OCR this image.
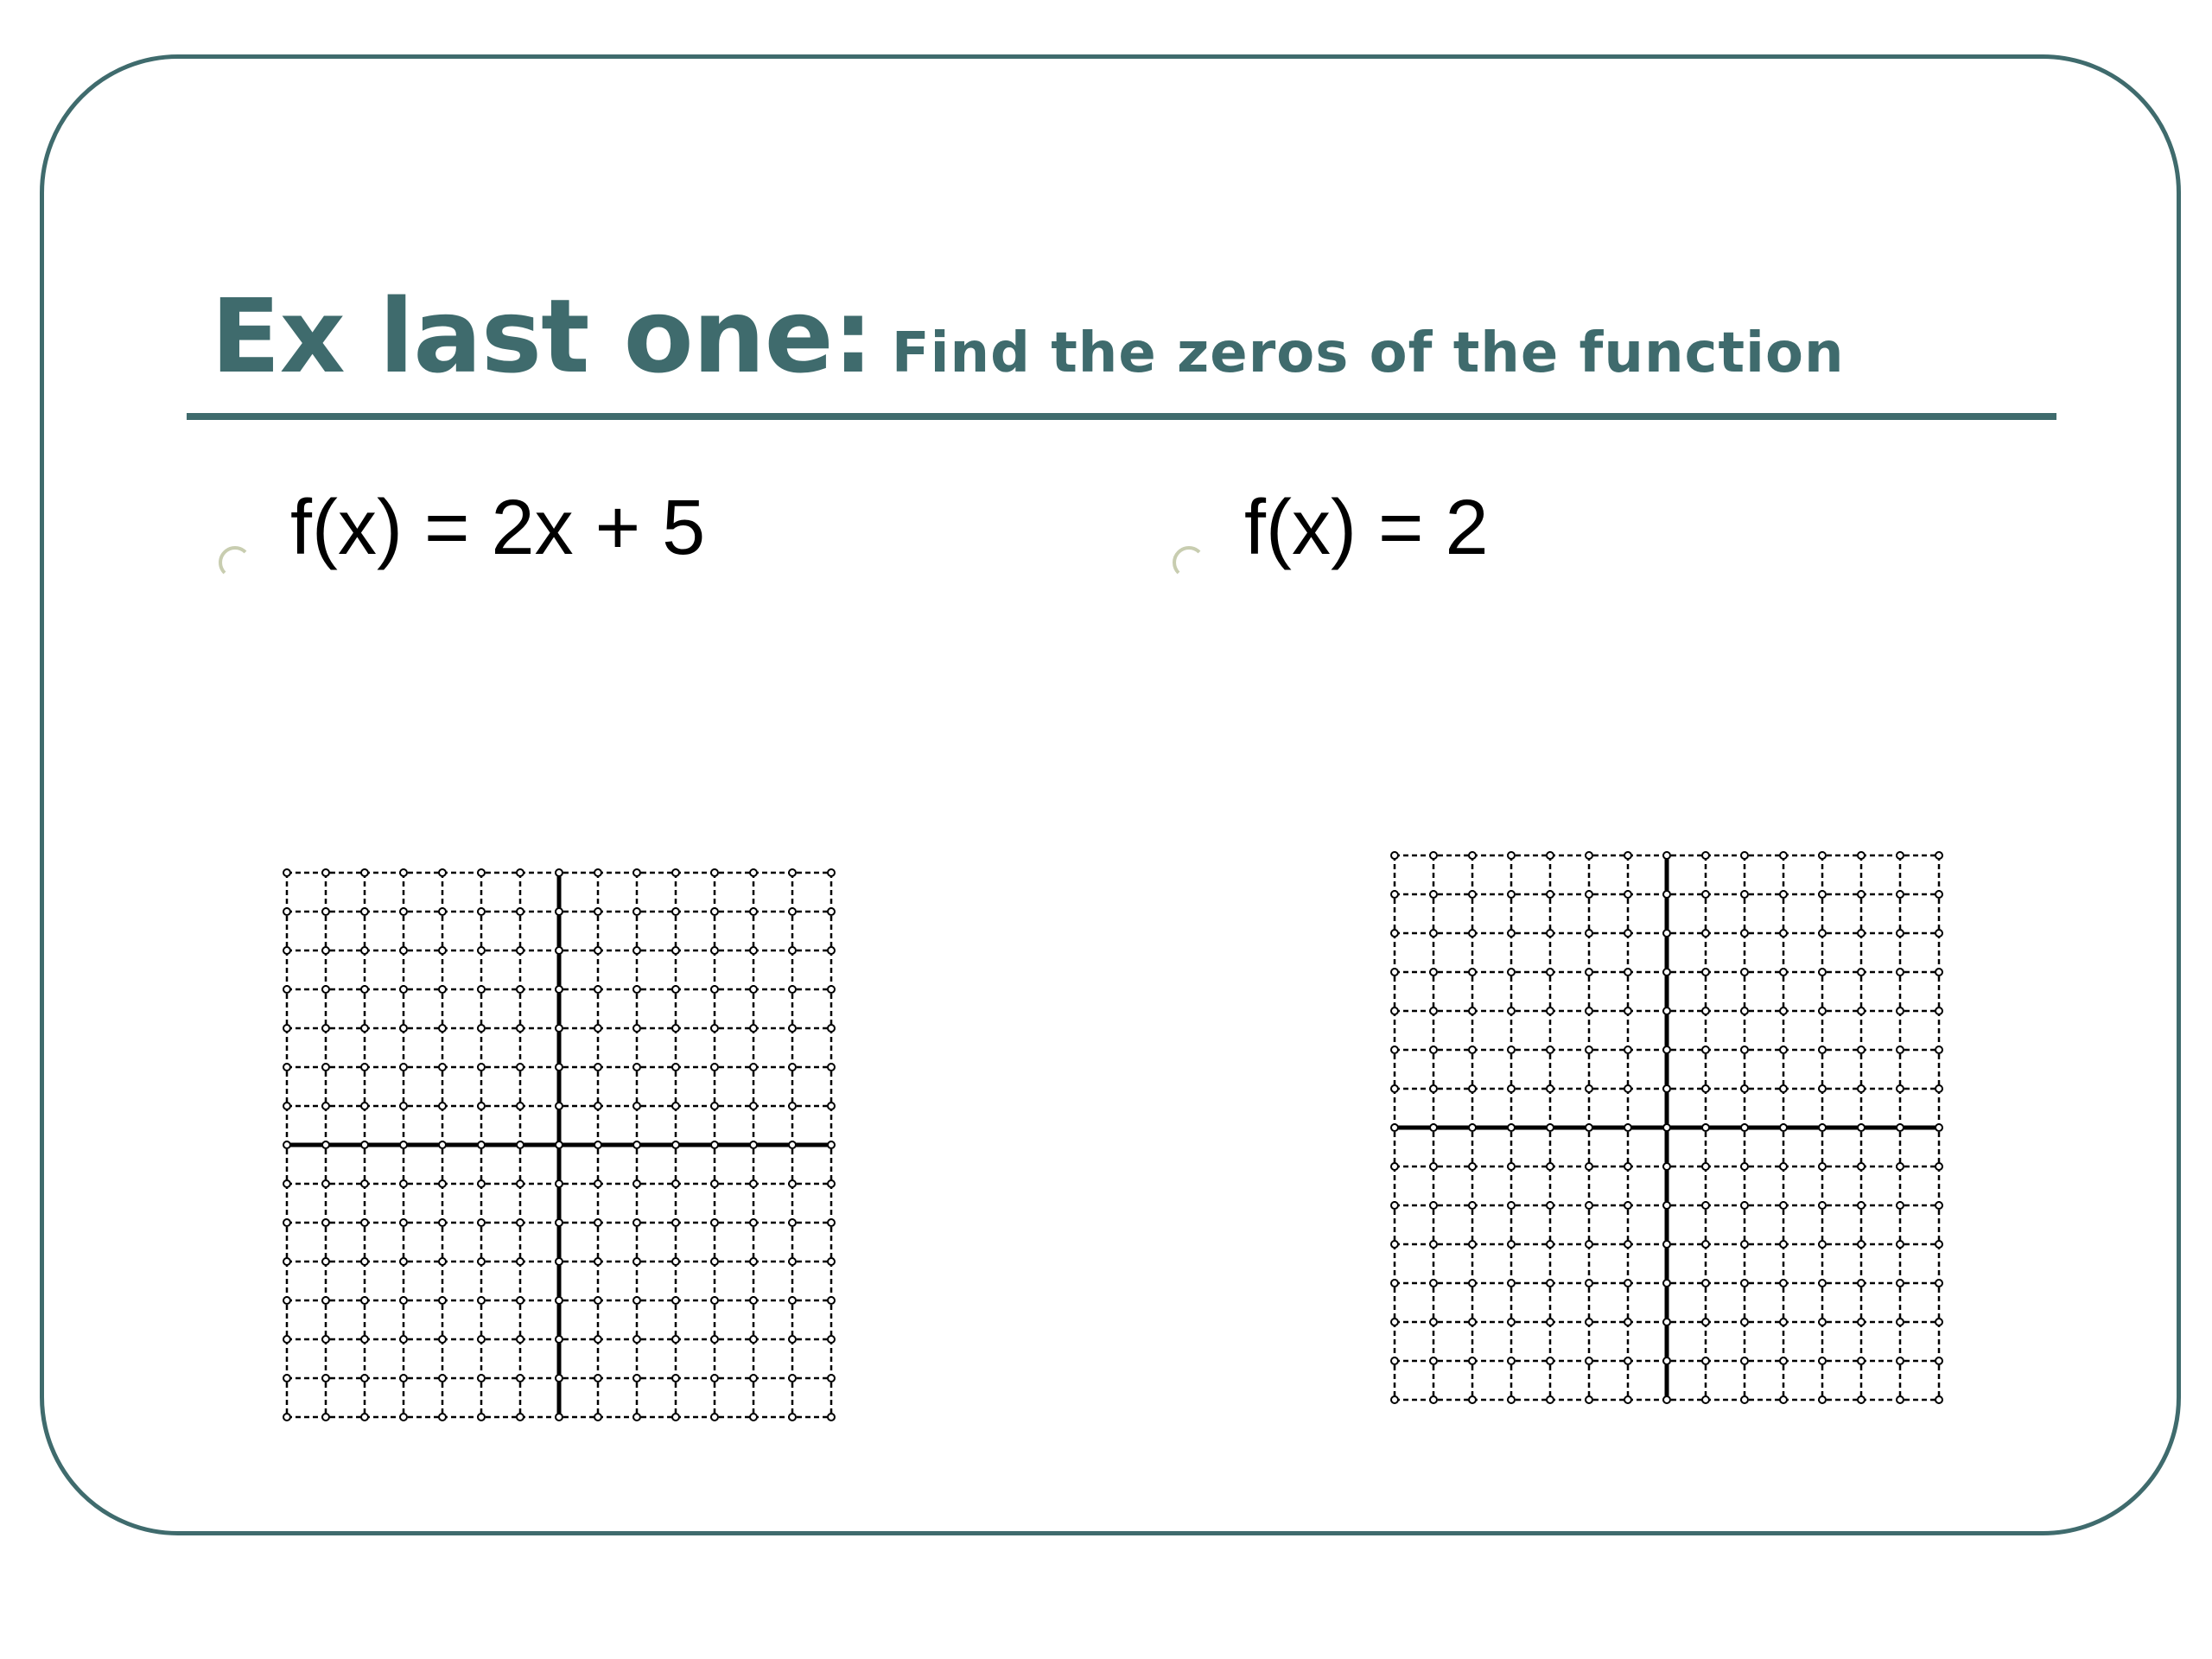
Ex last one: Find the zeros of the function
f(x) = 2x + 5	f(x) = 2
